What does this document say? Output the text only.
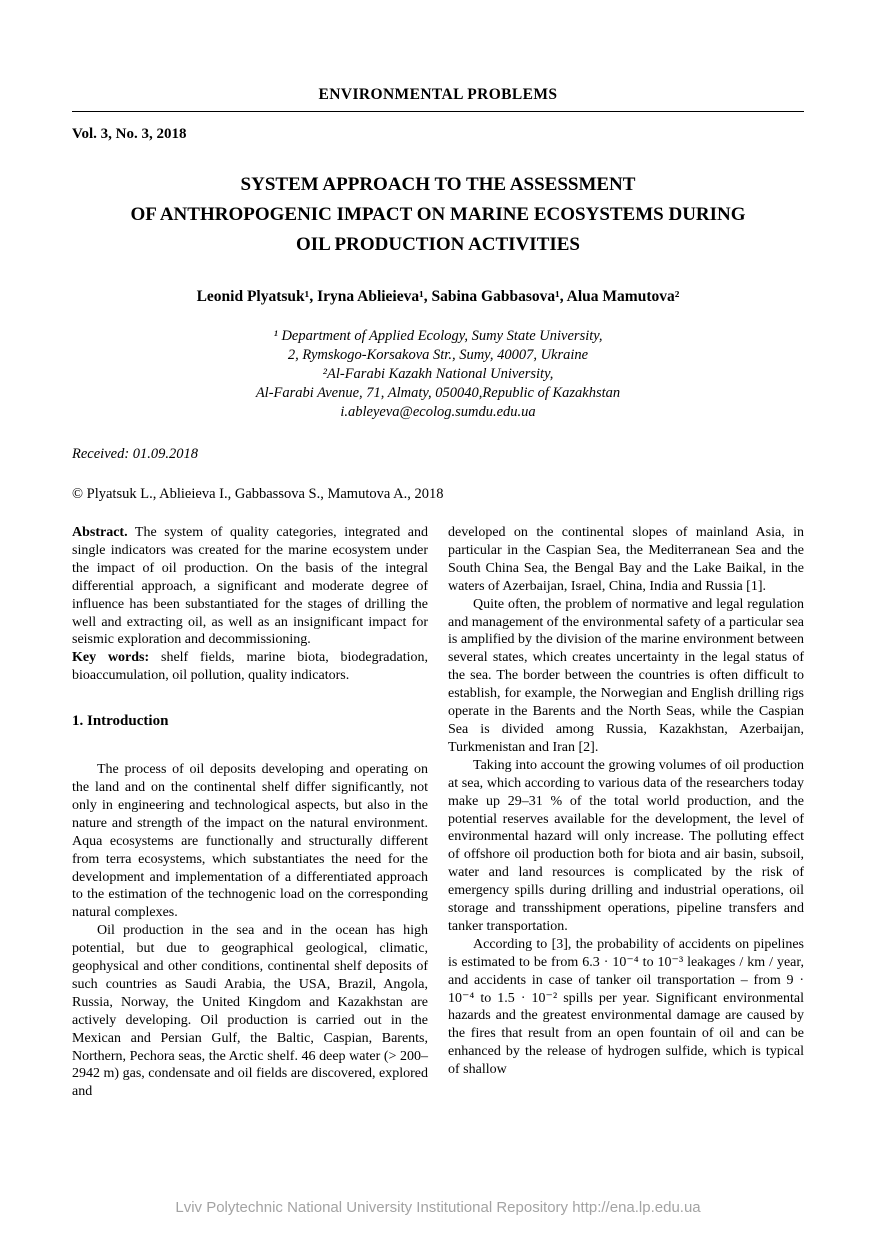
ENVIRONMENTAL PROBLEMS
Vol. 3, No. 3, 2018
SYSTEM APPROACH TO THE ASSESSMENT
OF ANTHROPOGENIC IMPACT ON MARINE ECOSYSTEMS DURING
OIL PRODUCTION ACTIVITIES
Leonid Plyatsuk¹, Iryna Ablieieva¹, Sabina Gabbasova¹, Alua Mamutova²
¹ Department of Applied Ecology, Sumy State University,
2, Rymskogo-Korsakova Str., Sumy, 40007, Ukraine
²Al-Farabi Kazakh National University,
Al-Farabi Avenue, 71, Almaty, 050040,Republic of Kazakhstan
i.ableyeva@ecolog.sumdu.edu.ua
Received: 01.09.2018
© Plyatsuk L., Ablieieva I., Gabbassova S., Mamutova A., 2018

Abstract. The system of quality categories, integrated and single indicators was created for the marine ecosystem under the impact of oil production. On the basis of the integral differential approach, a significant and moderate degree of influence has been substantiated for the stages of drilling the well and extracting oil, as well as an insignificant impact for seismic exploration and decommissioning.

Key words: shelf fields, marine biota, biodegradation, bioaccumulation, oil pollution, quality indicators.

1. Introduction

The process of oil deposits developing and operating on the land and on the continental shelf differ significantly, not only in engineering and technological aspects, but also in the nature and strength of the impact on the natural environment. Aqua ecosystems are functionally and structurally different from terra ecosystems, which substantiates the need for the development and implementation of a differentiated approach to the estimation of the technogenic load on the corresponding natural complexes.

Oil production in the sea and in the ocean has high potential, but due to geographical geological, climatic, geophysical and other conditions, continental shelf deposits of such countries as Saudi Arabia, the USA, Brazil, Angola, Russia, Norway, the United Kingdom and Kazakhstan are actively developing. Oil production is carried out in the Mexican and Persian Gulf, the Baltic, Caspian, Barents, Northern, Pechora seas, the Arctic shelf. 46 deep water (> 200–2942 m) gas, condensate and oil fields are discovered, explored and

developed on the continental slopes of mainland Asia, in particular in the Caspian Sea, the Mediterranean Sea and the South China Sea, the Bengal Bay and the Lake Baikal, in the waters of Azerbaijan, Israel, China, India and Russia [1].

Quite often, the problem of normative and legal regulation and management of the environmental safety of a particular sea is amplified by the division of the marine environment between several states, which creates uncertainty in the legal status of the sea. The border between the countries is often difficult to establish, for example, the Norwegian and English drilling rigs operate in the Barents and the North Seas, while the Caspian Sea is divided among Russia, Kazakhstan, Azerbaijan, Turkmenistan and Iran [2].

Taking into account the growing volumes of oil production at sea, which according to various data of the researchers today make up 29–31 % of the total world production, and the potential reserves available for the development, the level of environmental hazard will only increase. The polluting effect of offshore oil production both for biota and air basin, subsoil, water and land resources is complicated by the risk of emergency spills during drilling and industrial operations, oil storage and transshipment operations, pipeline transfers and tanker transportation.

According to [3], the probability of accidents on pipelines is estimated to be from 6.3 · 10⁻⁴ to 10⁻³ leakages / km / year, and accidents in case of tanker oil transportation – from 9 · 10⁻⁴ to 1.5 · 10⁻² spills per year. Significant environmental hazards and the greatest environmental damage are caused by the fires that result from an open fountain of oil and can be enhanced by the release of hydrogen sulfide, which is typical of shallow

Lviv Polytechnic National University Institutional Repository http://ena.lp.edu.ua
